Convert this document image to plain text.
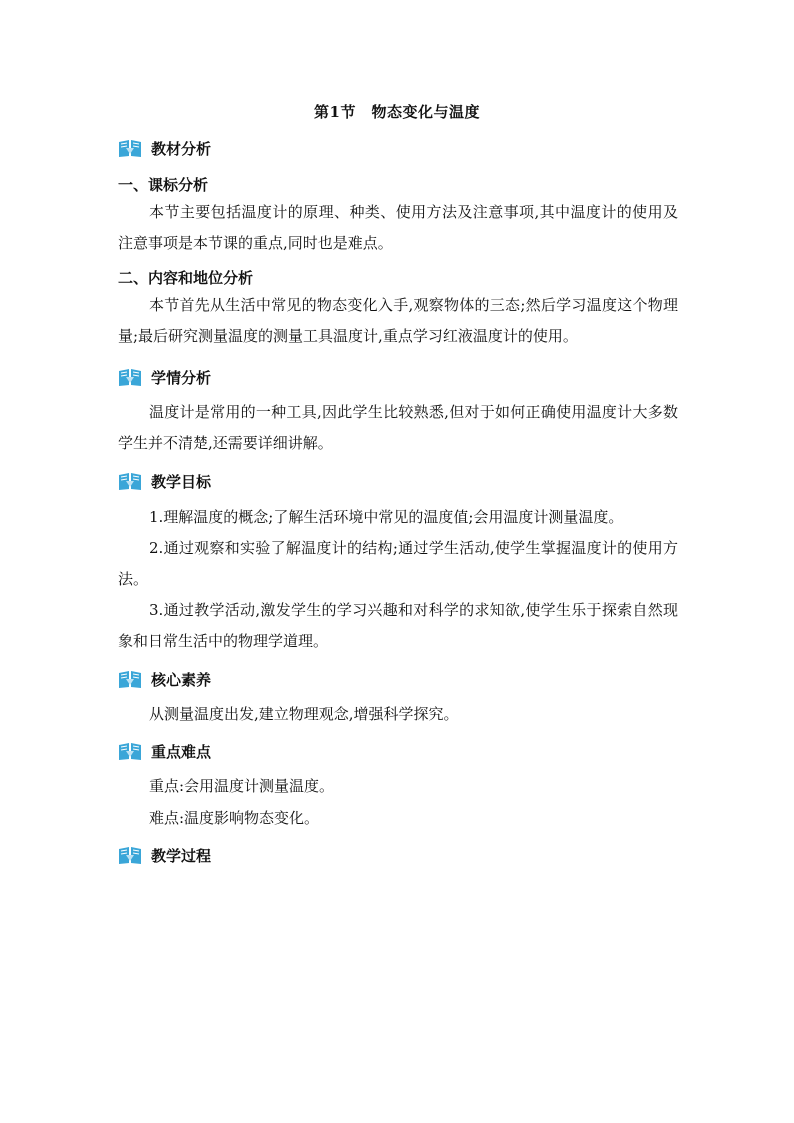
第1节　物态变化与温度
教材分析
一、课标分析
本节主要包括温度计的原理、种类、使用方法及注意事项,其中温度计的使用及注意事项是本节课的重点,同时也是难点。
二、内容和地位分析
本节首先从生活中常见的物态变化入手,观察物体的三态;然后学习温度这个物理量;最后研究测量温度的测量工具温度计,重点学习红液温度计的使用。
学情分析
温度计是常用的一种工具,因此学生比较熟悉,但对于如何正确使用温度计大多数学生并不清楚,还需要详细讲解。
教学目标
1.理解温度的概念;了解生活环境中常见的温度值;会用温度计测量温度。
2.通过观察和实验了解温度计的结构;通过学生活动,使学生掌握温度计的使用方法。
3.通过教学活动,激发学生的学习兴趣和对科学的求知欲,使学生乐于探索自然现象和日常生活中的物理学道理。
核心素养
从测量温度出发,建立物理观念,增强科学探究。
重点难点
重点:会用温度计测量温度。
难点:温度影响物态变化。
教学过程
